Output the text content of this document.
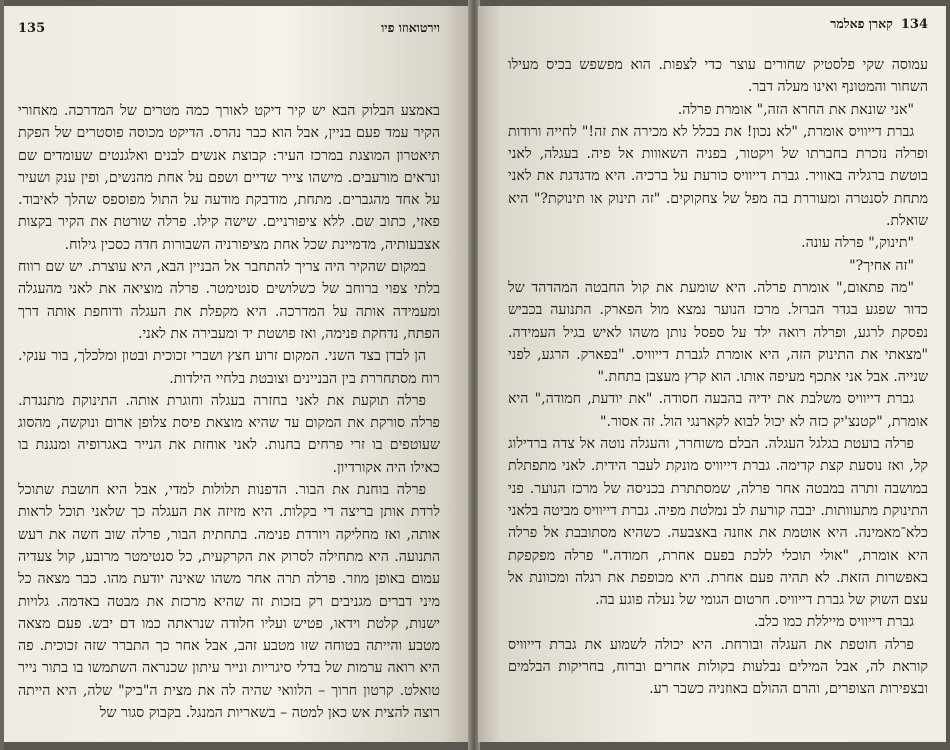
וירטואוזו פיו
135

באמצע הבלוק הבא יש קיר דיקט לאורך כמה מטרים של המדרכה. מאחורי הקיר עמד פעם בניין, אבל הוא כבר נהרס. הדיקט מכוסה פוסטרים של הפקת תיאטרון המוצגת במרכז העיר: קבוצת אנשים לבנים ואלגנטים שעומדים שם ונראים מורעבים. מישהו צייר שדיים ושפם על אחת מהנשים, ופין ענק ושעיר על אחד מהגברים. מתחת, מודבקת מודעה על התול מפוספס שהלך לאיבוד. פאזי, כתוב שם. ללא ציפורניים. שישה קילו. פרלה שורטת את הקיר בקצות אצבעותיה, מדמיינת שכל אחת מציפורניה השבורות חדה כסכין גילוח.

במקום שהקיר היה צריך להתחבר אל הבניין הבא, היא עוצרת. יש שם רווח בלתי צפוי ברוחב של כשלושים סנטימטר. פרלה מוציאה את לאני מהעגלה ומעמידה אותה על המדרכה. היא מקפלת את העגלה ודוחפת אותה דרך הפתח, נדחקת פנימה, ואז פושטת יד ומעבירה את לאני.

הן לבדן בצד השני. המקום זרוע חצץ ושברי זכוכית ובטון ומלכלך, בור ענקי. רוח מסתחררת בין הבניינים וצובטת בלחיי הילדות.

פרלה תוקעת את לאני בחזרה בעגלה וחוגרת אותה. התינוקת מתנגדת. פרלה סורקת את המקום עד שהיא מוצאת פיסת צלופן ארום ונוקשה, מהסוג שעוטפים בו זרי פרחים בחנות. לאני אוחזת את הנייר באגרופיה ומנגנת בו כאילו היה אקורדיון.

פרלה בוחנת את הבור. הדפנות תלולות למדי, אבל היא חושבת שתוכל לרדת אותן בריצה די בקלות. היא מזיזה את העגלה כך שלאני תוכל לראות אותה, ואז מחליקה ויורדת פנימה. בתחתית הבור, פרלה שוב חשה את רעש התנועה. היא מתחילה לסרוק את הקרקעית, כל סנטימטר מרובע, קול צעדיה עמום באופן מוזר. פרלה תרה אחר משהו שאינה יודעת מהו. כבר מצאה כל מיני דברים מגניבים רק בזכות זה שהיא מרכזת את מבטה באדמה. גלויות ישנות, קלטת וידאו, פטיש ועליו חלודה שנראתה כמו דם יבש. פעם מצאה מטבע והייתה בטוחה שזו מטבע זהב, אבל אחר כך התברר שזה זכוכית. פה היא רואה ערמות של בדלי סיגריות ונייר עיתון שכנראה השתמשו בו בתור נייר טואלט. קרטון חרוך – הלוואי שהיה לה את מצית ה"ביק" שלה, היא הייתה רוצה להצית אש כאן למטה – בשאריות המנגל. בקבוק סגור של

134
קארן פאלמר

עמוסה שקי פלסטיק שחורים עוצר כדי לצפות. הוא מפשפש בכיס מעילו השחור והמטונף ואינו מעלה דבר.

"אני שונאת את החרא הזה," אומרת פרלה.

גברת דייוויס אומרת, "לא נכון! את בכלל לא מכירה את זה!" לחייה ורודות ופרלה נזכרת בחברתו של ויקטור, בפניה השאווות אל פיה. בעגלה, לאני בוטשת ברגליה באוויר. גברת דייוויס כורעת על ברכיה. היא מדגדגת את לאני מתחת לסנטרה ומעוררת בה מפל של צחקוקים. "זה תינוק או תינוקת?" היא שואלת.

"תינוק," פרלה עונה.

"זה אחיך?"

"מה פתאום," אומרת פרלה. היא שומעת את קול החבטה המהדהד של כדור שפגע בגדר הברזל. מרכז הנוער נמצא מול הפארק. התנועה בכביש נפסקת לרגע, ופרלה רואה ילד על ספסל נותן משהו לאיש בגיל העמידה. "מצאתי את התינוק הזה, היא אומרת לגברת דייוויס. "בפארק. הרגע, לפני שנייה. אבל אני אתכף מעיפה אותו. הוא קרץ מעצבן בתחת."

גברת דייוויס משלבת את ידיה בהבעה חסודה. "את יודעת, חמודה," היא אומרת, "קטנצ'יק כזה לא יכול לבוא לקארנגי הול. זה אסור."

פרלה בועטת בגלגל העגלה. הבלם משוחרר, והעגלה נוטה אל צדה ברדילוג קל, ואז נוסעת קצת קדימה. גברת דייוויס מונקת לעבר הידית. לאני מתפתלת במושבה ותרה במבטה אחר פרלה, שמסתתרת בכניסה של מרכז הנוער. פני התינוקת מתעוותות. יבבה קורעת לב נמלטת מפיה. גברת דייוויס מביטה בלאני כלא־מאמינה. היא אוטמת את אוזנה באצבעה. כשהיא מסתובבת אל פרלה היא אומרת, "אולי תוכלי ללכת בפעם אחרת, חמודה." פרלה מפקפקת באפשרות הזאת. לא תהיה פעם אחרת. היא מכופפת את רגלה ומכוונת אל עצם השוק של גברת דייוויס. חרטום הגומי של נעלה פוגע בה.

גברת דייוויס מייללת כמו כלב.

פרלה חוטפת את העגלה ובורחת. היא יכולה לשמוע את גברת דייוויס קוראת לה, אבל המילים נבלעות בקולות אחרים וברוח, בחריקות הבלמים ובצפירות הצופרים, והרם ההולם באוזניה כשבר רע.
